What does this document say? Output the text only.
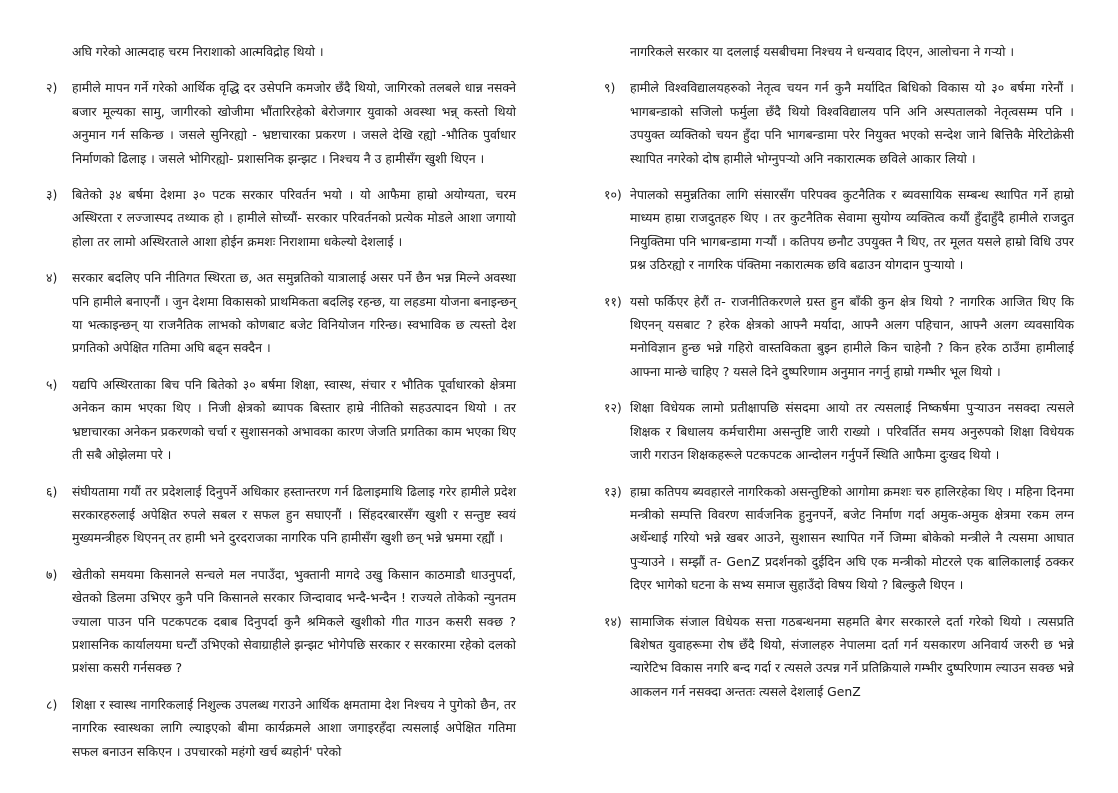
अघि गरेको आत्मदाह चरम निराशाको आत्मविद्रोह थियो ।
२) हामीले मापन गर्ने गरेको आर्थिक वृद्धि दर उसेपनि कमजोर छँदै थियो, जागिरको तलबले धान्न नसक्ने बजार मूल्यका सामु, जागीरको खोजीमा भौंतारिरहेको बेरोजगार युवाको अवस्था भन्न् कस्तो थियो अनुमान गर्न सकिन्छ । जसले सुनिरह्यो - भ्रष्टाचारका प्रकरण । जसले देखि रह्यो -भौतिक पुर्वाधार निर्माणको ढिलाइ । जसले भोगिरह्यो- प्रशासनिक झन्झट । निश्चय नै उ हामीसँग खुशी थिएन ।
३) बितेको ३४ बर्षमा देशमा ३० पटक सरकार परिवर्तन भयो । यो आफैमा हाम्रो अयोग्यता, चरम अस्थिरता र लज्जास्पद तथ्याक हो । हामीले सोच्यौं- सरकार परिवर्तनको प्रत्येक मोडले आशा जगायो होला तर लामो अस्थिरताले आशा होईन क्रमशः निराशामा धकेल्यो देशलाई ।
४) सरकार बदलिए पनि नीतिगत स्थिरता छ, अत समुन्नतिको यात्रालाई असर पर्ने छैन भन्न मिल्ने अवस्था पनि हामीले बनाएनौं । जुन देशमा विकासको प्राथमिकता बदलिइ रहन्छ, या लहडमा योजना बनाइन्छन् या भत्काइन्छन् या राजनैतिक लाभको कोणबाट बजेट विनियोजन गरिन्छ। स्वभाविक छ त्यस्तो देश प्रगतिको अपेक्षित गतिमा अघि बढ्न सक्दैन ।
५) यद्यपि अस्थिरताका बिच पनि बितेको ३० बर्षमा शिक्षा, स्वास्थ, संचार र भौतिक पूर्वाधारको क्षेत्रमा अनेकन काम भएका थिए । निजी क्षेत्रको ब्यापक बिस्तार हाम्रे नीतिको सहउत्पादन थियो । तर भ्रष्टाचारका अनेकन प्रकरणको चर्चा र सुशासनको अभावका कारण जेजति प्रगतिका काम भएका थिए ती सबै ओझेलमा परे ।
६) संघीयतामा गयौं तर प्रदेशलाई दिनुपर्ने अधिकार हस्तान्तरण गर्न ढिलाइमाथि ढिलाइ गरेर हामीले प्रदेश सरकारहरुलाई अपेक्षित रुपले सबल र सफल हुन सघाएनौं । सिंहदरबारसँग खुशी र सन्तुष्ट स्वयं मुख्यमन्त्रीहरु थिएनन् तर हामी भने दुरदराजका नागरिक पनि हामीसँग खुशी छन् भन्ने भ्रममा रह्यौं ।
७) खेतीको समयमा किसानले सन्चले मल नपाउँदा, भुक्तानी मागदे उखु किसान काठमाडौ धाउनुपर्दा, खेतको डिलमा उभिएर कुनै पनि किसानले सरकार जिन्दावाद भन्दै-भन्दैन ! राज्यले तोकेको न्युनतम ज्याला पाउन पनि पटकपटक दबाब दिनुपर्दा कुनै श्रमिकले खुशीको गीत गाउन कसरी सक्छ ? प्रशासनिक कार्यालयमा घन्टौं उभिएको सेवाग्राहीले झन्झट भोगेपछि सरकार र सरकारमा रहेको दलको प्रशंसा कसरी गर्नसक्छ ?
८) शिक्षा र स्वास्थ नागरिकलाई निशुल्क उपलब्ध गराउने आर्थिक क्षमतामा देश निश्चय ने पुगेको छैन, तर नागरिक स्वास्थका लागि ल्याइएको बीमा कार्यक्रमले आशा जगाइरहँदा त्यसलाई अपेक्षित गतिमा सफल बनाउन सकिएन । उपचारको महंगो खर्च ब्यहोर्न' परेको
नागरिकले सरकार या दललाई यसबीचमा निश्चय ने धन्यवाद दिएन, आलोचना ने गऱ्यो ।
९) हामीले विश्वविद्यालयहरुको नेतृत्व चयन गर्न कुनै मर्यादित बिधिको विकास यो ३० बर्षमा गरेनौं । भागबन्डाको सजिलो फर्मुला छँदै थियो विश्वविद्यालय पनि अनि अस्पतालको नेतृत्वसम्म पनि । उपयुक्त व्यक्तिको चयन हुँदा पनि भागबन्डामा परेर नियुक्त भएको सन्देश जाने बित्तिकै मेरिटोक्रेसी स्थापित नगरेको दोष हामीले भोग्नुपऱ्यो अनि नकारात्मक छविले आकार लियो ।
१०) नेपालको समुन्नतिका लागि संसारसँग परिपक्व कुटनैतिक र ब्यवसायिक सम्बन्ध स्थापित गर्ने हाम्रो माध्यम हाम्रा राजदुतहरु थिए । तर कुटनैतिक सेवामा सुयोग्य व्यक्तित्व कयौं हुँदाहुँदै हामीले राजदुत नियुक्तिमा पनि भागबन्डामा गऱ्यौं । कतिपय छनौट उपयुक्त नै थिए, तर मूलत यसले हाम्रो विधि उपर प्रश्न उठिरह्यो र नागरिक पंक्तिमा नकारात्मक छवि बढाउन योगदान पुऱ्यायो ।
११) यसो फर्किएर हेरौं त- राजनीतिकरणले ग्रस्त हुन बाँकी कुन क्षेत्र थियो ? नागरिक आजित थिए कि थिएनन् यसबाट ? हरेक क्षेत्रको आफ्नै मर्यादा, आफ्नै अलग पहिचान, आफ्नै अलग व्यवसायिक मनोविज्ञान हुन्छ भन्ने गहिरो वास्तविकता बुझ्न हामीले किन चाहेनौ ? किन हरेक ठाउँमा हामीलाई आफ्ना मान्छे चाहिए ? यसले दिने दुष्परिणाम अनुमान नगर्नु हाम्रो गम्भीर भूल थियो ।
१२) शिक्षा विधेयक लामो प्रतीक्षापछि संसदमा आयो तर त्यसलाई निष्कर्षमा पुऱ्याउन नसक्दा त्यसले शिक्षक र बिधालय कर्मचारीमा असन्तुष्टि जारी राख्यो । परिवर्तित समय अनुरुपको शिक्षा विधेयक जारी गराउन शिक्षकहरूले पटकपटक आन्दोलन गर्नुपर्ने स्थिति आफैमा दुःखद थियो ।
१३) हाम्रा कतिपय ब्यवहारले नागरिकको असन्तुष्टिको आगोमा क्रमशः चरु हालिरहेका थिए । महिना दिनमा मन्त्रीको सम्पत्ति विवरण सार्वजनिक हुनुनपर्ने, बजेट निर्माण गर्दा अमुक-अमुक क्षेत्रमा रकम लग्न अर्थेन्धाई गरियो भन्ने खबर आउने, सुशासन स्थापित गर्ने जिम्मा बोकेको मन्त्रीले नै त्यसमा आघात पुऱ्याउने । सम्झौं त- GenZ प्रदर्शनको दुईदिन अघि एक मन्त्रीको मोटरले एक बालिकालाई ठक्कर दिएर भागेको घटना के सभ्य समाज सुहाउँदो विषय थियो ? बिल्कुलै थिएन ।
१४) सामाजिक संजाल विधेयक सत्ता गठबन्धनमा सहमति बेगर सरकारले दर्ता गरेको थियो । त्यसप्रति बिशेषत युवाहरूमा रोष छँदै थियो, संजालहरु नेपालमा दर्ता गर्न यसकारण अनिवार्य जरुरी छ भन्ने न्यारेटिभ विकास नगरि बन्द गर्दा र त्यसले उत्पन्न गर्ने प्रतिक्रियाले गम्भीर दुष्परिणाम ल्याउन सक्छ भन्ने आकलन गर्न नसक्दा अन्ततः त्यसले देशलाई GenZ
